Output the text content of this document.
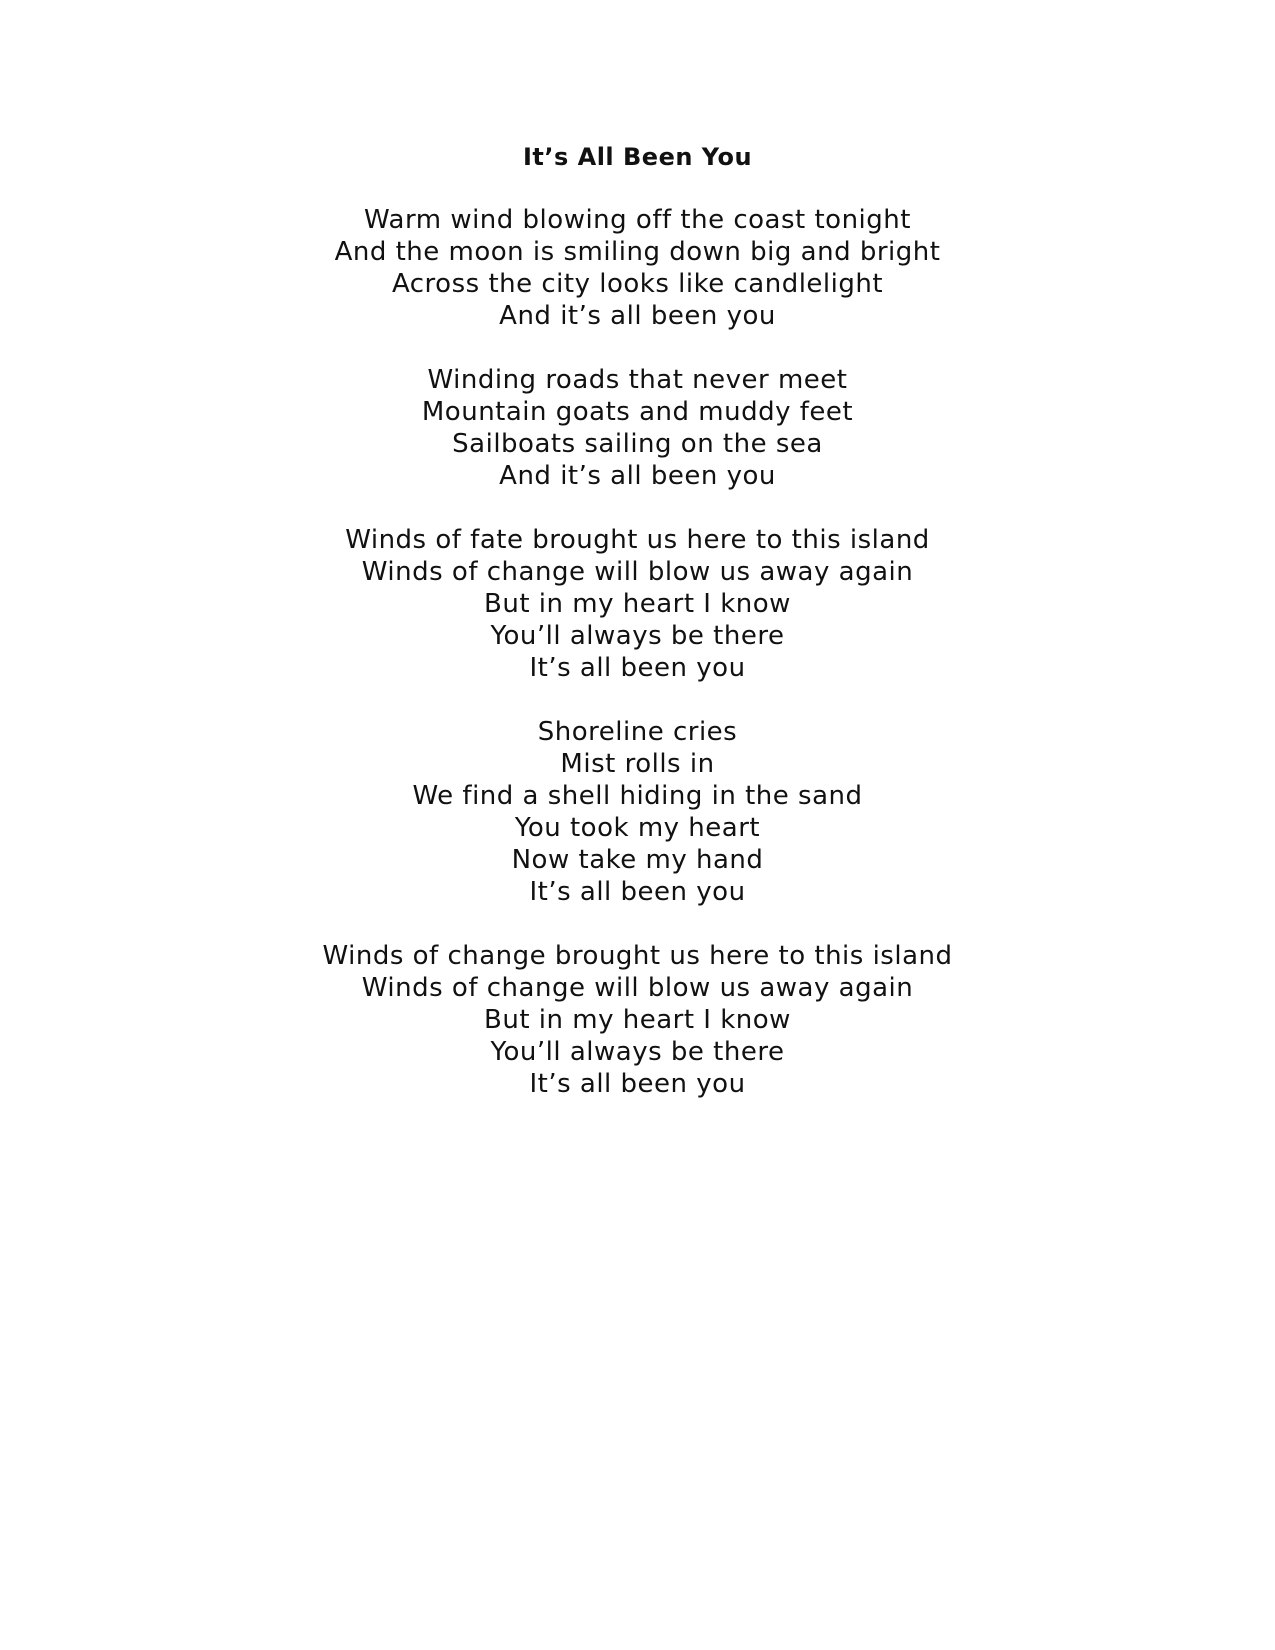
It’s All Been You
Warm wind blowing off the coast tonight
And the moon is smiling down big and bright
Across the city looks like candlelight
And it’s all been you
Winding roads that never meet
Mountain goats and muddy feet
Sailboats sailing on the sea
And it’s all been you
Winds of fate brought us here to this island
Winds of change will blow us away again
But in my heart I know
You’ll always be there
It’s all been you
Shoreline cries
Mist rolls in
We find a shell hiding in the sand
You took my heart
Now take my hand
It’s all been you
Winds of change brought us here to this island
Winds of change will blow us away again
But in my heart I know
You’ll always be there
It’s all been you
